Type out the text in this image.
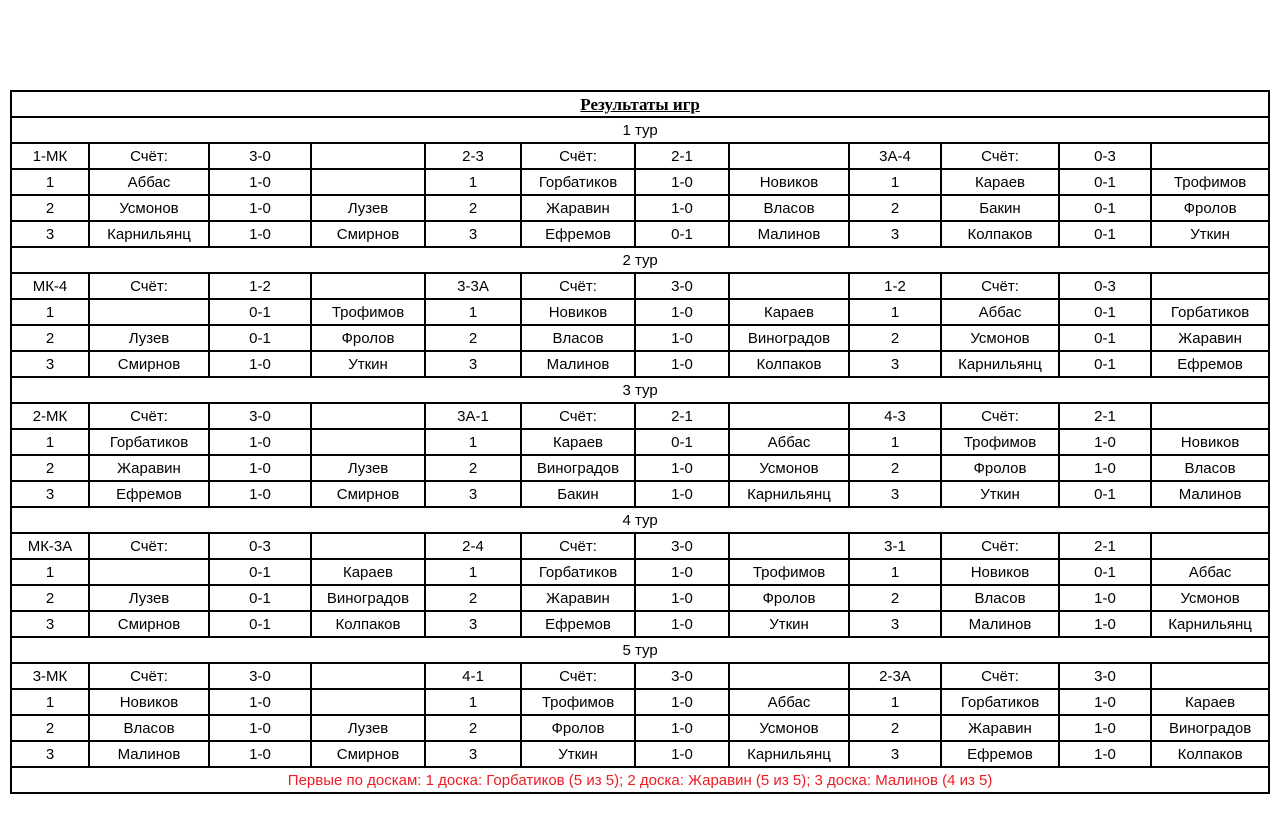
Результаты игр											
1 тур											
1-МК	Счёт:	3-0		2-3	Счёт:	2-1		3А-4	Счёт:	0-3	
1	Аббас	1-0		1	Горбатиков	1-0	Новиков	1	Караев	0-1	Трофимов
2	Усмонов	1-0	Лузев	2	Жаравин	1-0	Власов	2	Бакин	0-1	Фролов
3	Карнильянц	1-0	Смирнов	3	Ефремов	0-1	Малинов	3	Колпаков	0-1	Уткин
2 тур											
МК-4	Счёт:	1-2		3-3А	Счёт:	3-0		1-2	Счёт:	0-3	
1		0-1	Трофимов	1	Новиков	1-0	Караев	1	Аббас	0-1	Горбатиков
2	Лузев	0-1	Фролов	2	Власов	1-0	Виноградов	2	Усмонов	0-1	Жаравин
3	Смирнов	1-0	Уткин	3	Малинов	1-0	Колпаков	3	Карнильянц	0-1	Ефремов
3 тур											
2-МК	Счёт:	3-0		3А-1	Счёт:	2-1		4-3	Счёт:	2-1	
1	Горбатиков	1-0		1	Караев	0-1	Аббас	1	Трофимов	1-0	Новиков
2	Жаравин	1-0	Лузев	2	Виноградов	1-0	Усмонов	2	Фролов	1-0	Власов
3	Ефремов	1-0	Смирнов	3	Бакин	1-0	Карнильянц	3	Уткин	0-1	Малинов
4 тур											
МК-3А	Счёт:	0-3		2-4	Счёт:	3-0		3-1	Счёт:	2-1	
1		0-1	Караев	1	Горбатиков	1-0	Трофимов	1	Новиков	0-1	Аббас
2	Лузев	0-1	Виноградов	2	Жаравин	1-0	Фролов	2	Власов	1-0	Усмонов
3	Смирнов	0-1	Колпаков	3	Ефремов	1-0	Уткин	3	Малинов	1-0	Карнильянц
5 тур											
3-МК	Счёт:	3-0		4-1	Счёт:	3-0		2-3А	Счёт:	3-0	
1	Новиков	1-0		1	Трофимов	1-0	Аббас	1	Горбатиков	1-0	Караев
2	Власов	1-0	Лузев	2	Фролов	1-0	Усмонов	2	Жаравин	1-0	Виноградов
3	Малинов	1-0	Смирнов	3	Уткин	1-0	Карнильянц	3	Ефремов	1-0	Колпаков
Первые по доскам: 1 доска: Горбатиков (5 из 5); 2 доска: Жаравин (5 из 5); 3 доска: Малинов (4 из 5)											
